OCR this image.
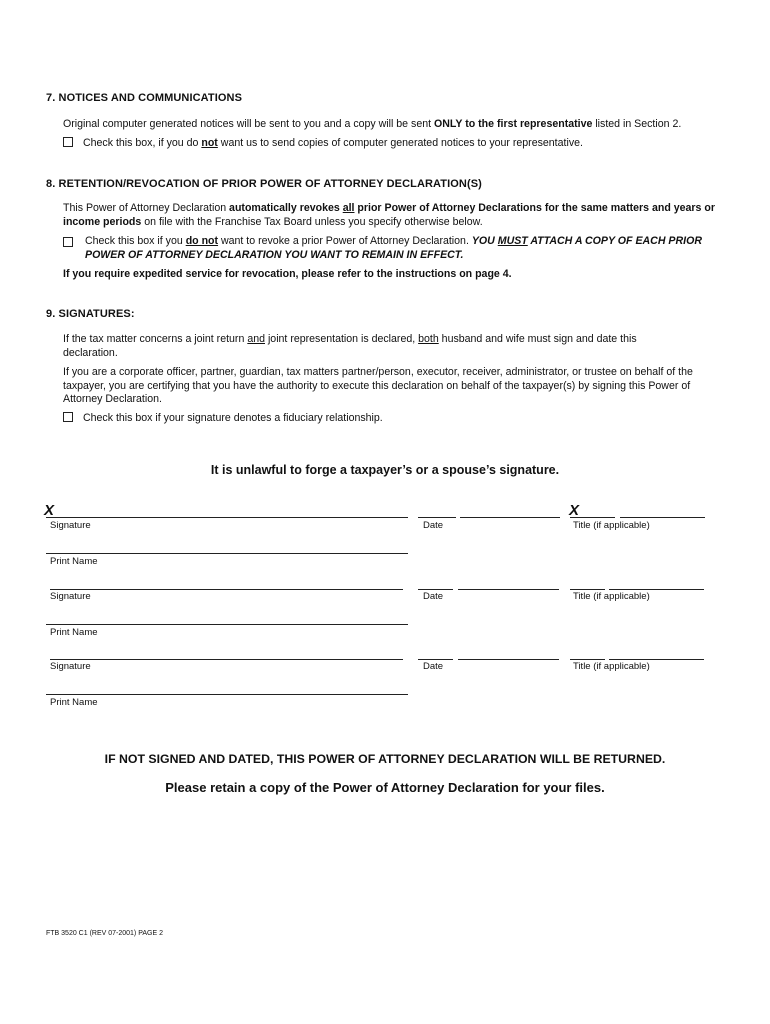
7. NOTICES AND COMMUNICATIONS
Original computer generated notices will be sent to you and a copy will be sent ONLY to the first representative listed in Section 2.
Check this box, if you do not want us to send copies of computer generated notices to your representative.
8. RETENTION/REVOCATION OF PRIOR POWER OF ATTORNEY DECLARATION(S)
This Power of Attorney Declaration automatically revokes all prior Power of Attorney Declarations for the same matters and years or income periods on file with the Franchise Tax Board unless you specify otherwise below.
Check this box if you do not want to revoke a prior Power of Attorney Declaration. YOU MUST ATTACH A COPY OF EACH PRIOR POWER OF ATTORNEY DECLARATION YOU WANT TO REMAIN IN EFFECT.
If you require expedited service for revocation, please refer to the instructions on page 4.
9. SIGNATURES:
If the tax matter concerns a joint return and joint representation is declared, both husband and wife must sign and date this declaration.
If you are a corporate officer, partner, guardian, tax matters partner/person, executor, receiver, administrator, or trustee on behalf of the taxpayer, you are certifying that you have the authority to execute this declaration on behalf of the taxpayer(s) by signing this Power of Attorney Declaration.
Check this box if your signature denotes a fiduciary relationship.
It is unlawful to forge a taxpayer’s or a spouse’s signature.
X	X
Signature	Date	Title (if applicable)
Print Name
Signature	Date	Title (if applicable)
Print Name
Signature	Date	Title (if applicable)
Print Name
IF NOT SIGNED AND DATED, THIS POWER OF ATTORNEY DECLARATION WILL BE RETURNED.
Please retain a copy of the Power of Attorney Declaration for your files.
FTB 3520 C1 (REV 07-2001) PAGE 2
